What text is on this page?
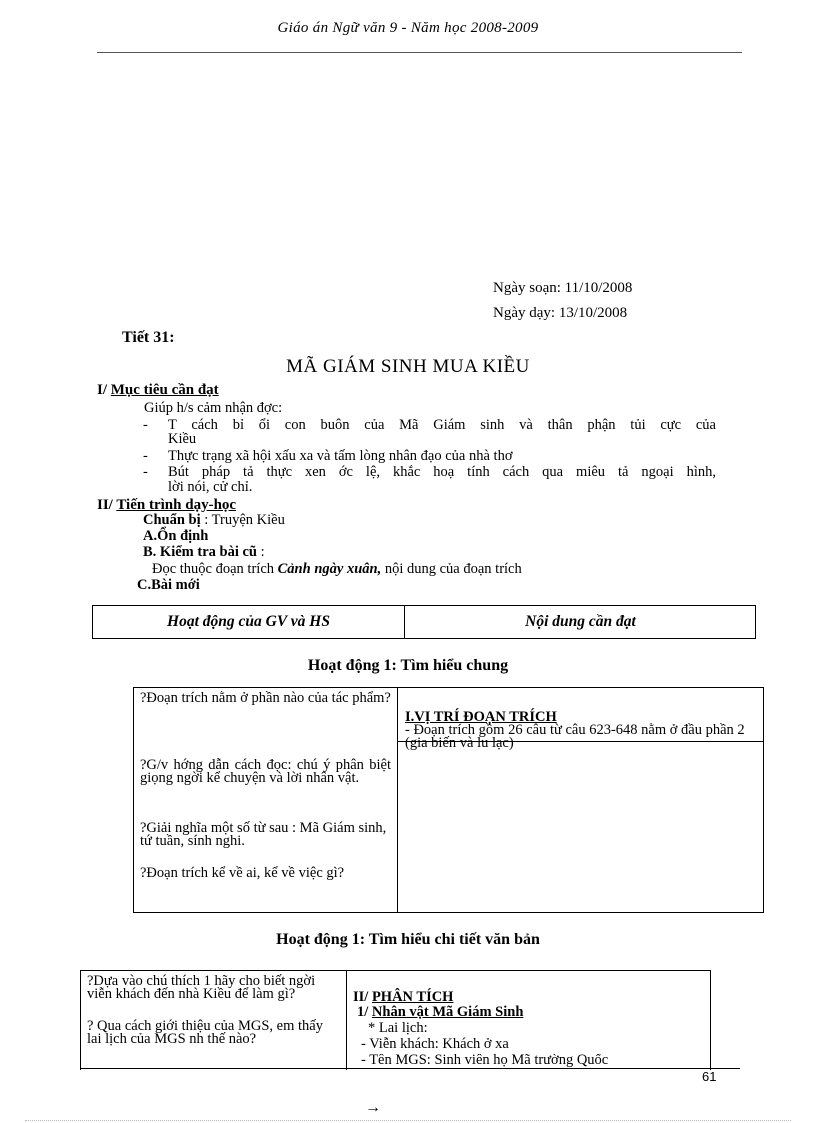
Giáo án Ngữ văn 9 - Năm học 2008-2009
Ngày soạn: 11/10/2008
Ngày dạy: 13/10/2008
Tiết 31:
MÃ GIÁM SINH MUA KIỀU
I/ Mục tiêu cần đạt
Giúp h/s cảm nhận đợc:
- T cách bỉ ổi con buôn của Mã Giám sinh và thân phận tủi cực của
Kiều
- Thực trạng xã hội xấu xa và tấm lòng nhân đạo của nhà thơ
- Bút pháp tả thực xen ớc lệ, khắc hoạ tính cách qua miêu tả ngoại hình,
lời nói, cử chỉ.
II/ Tiến trình dạy-học
Chuẩn bị : Truyện Kiều
A.Ổn định
B. Kiểm tra bài cũ :
Đọc thuộc đoạn trích Cảnh ngày xuân, nội dung của đoạn trích
C.Bài mới
Hoạt động của GV và HS	Nội dung cần đạt
Hoạt động 1: Tìm hiểu chung
?Đoạn trích nằm ở phần nào của tác phẩm?
?G/v hớng dẫn cách đọc: chú ý phân biệt giọng ngời kể chuyện và lời nhân vật.
?Giải nghĩa một số từ sau : Mã Giám sinh, tứ tuần, sính nghi.
?Đoạn trích kể về ai, kể về việc gì?
I.VỊ TRÍ ĐOẠN TRÍCH
- Đoạn trích gồm 26 câu từ câu 623-648 nằm ở đầu phần 2 (gia biến và lu lạc)
Hoạt động 1: Tìm hiểu chi tiết văn bản
?Dựa vào chú thích 1 hãy cho biết ngời viễn khách đến nhà Kiều để làm gì?
? Qua cách giới thiệu của MGS, em thấy lai lịch của MGS nh thế nào?
II/ PHÂN TÍCH
1/ Nhân vật Mã Giám Sinh
* Lai lịch:
- Viễn khách: Khách ở xa
- Tên MGS: Sinh viên họ Mã trường Quốc
61
→
